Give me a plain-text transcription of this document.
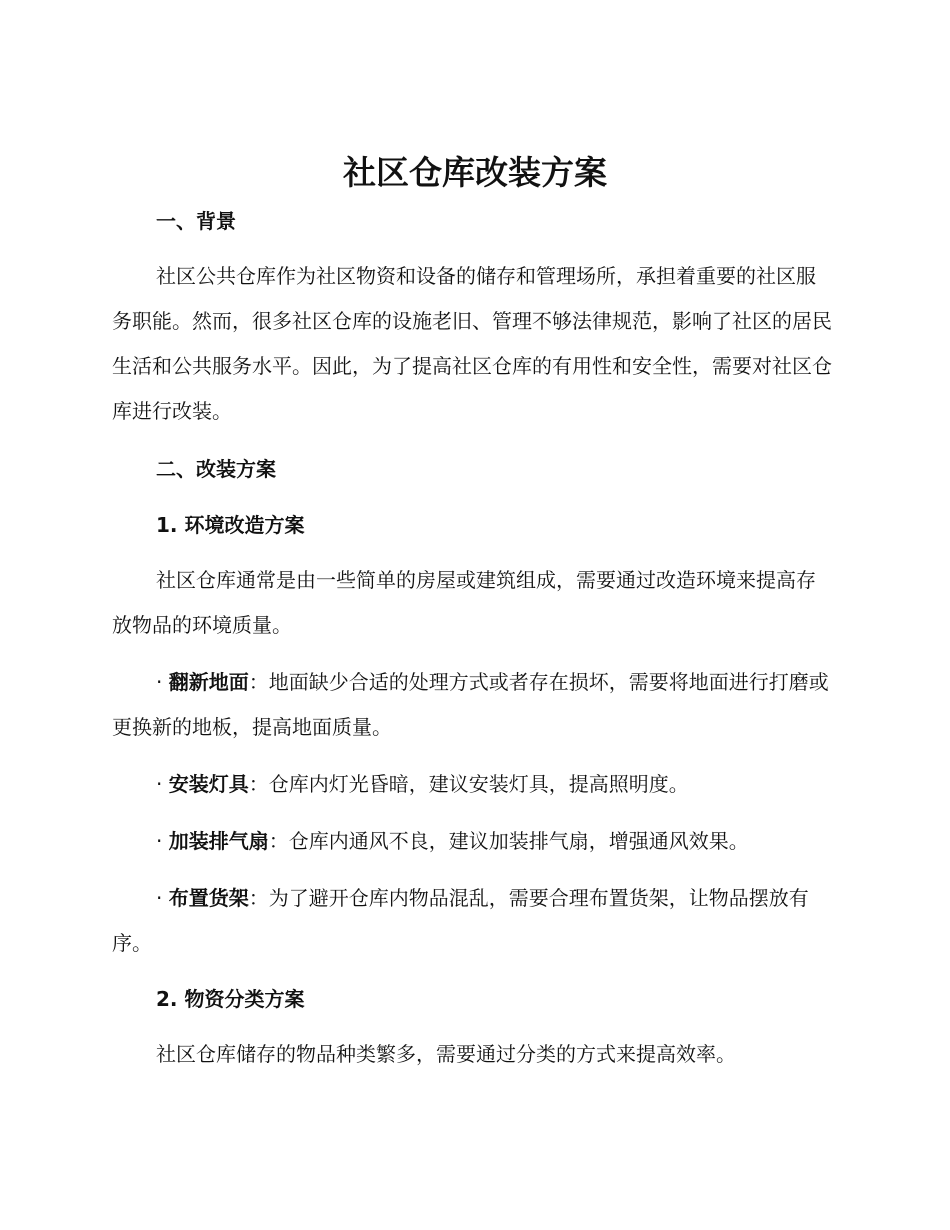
社区仓库改装方案
一、背景

社区公共仓库作为社区物资和设备的储存和管理场所，承担着重要的社区服务职能。然而，很多社区仓库的设施老旧、管理不够法律规范，影响了社区的居民生活和公共服务水平。因此，为了提高社区仓库的有用性和安全性，需要对社区仓库进行改装。

二、改装方案
1. 环境改造方案

社区仓库通常是由一些简单的房屋或建筑组成，需要通过改造环境来提高存放物品的环境质量。

· 翻新地面：地面缺少合适的处理方式或者存在损坏，需要将地面进行打磨或更换新的地板，提高地面质量。

· 安装灯具：仓库内灯光昏暗，建议安装灯具，提高照明度。

· 加装排气扇：仓库内通风不良，建议加装排气扇，增强通风效果。

· 布置货架：为了避开仓库内物品混乱，需要合理布置货架，让物品摆放有序。

2. 物资分类方案

社区仓库储存的物品种类繁多，需要通过分类的方式来提高效率。
